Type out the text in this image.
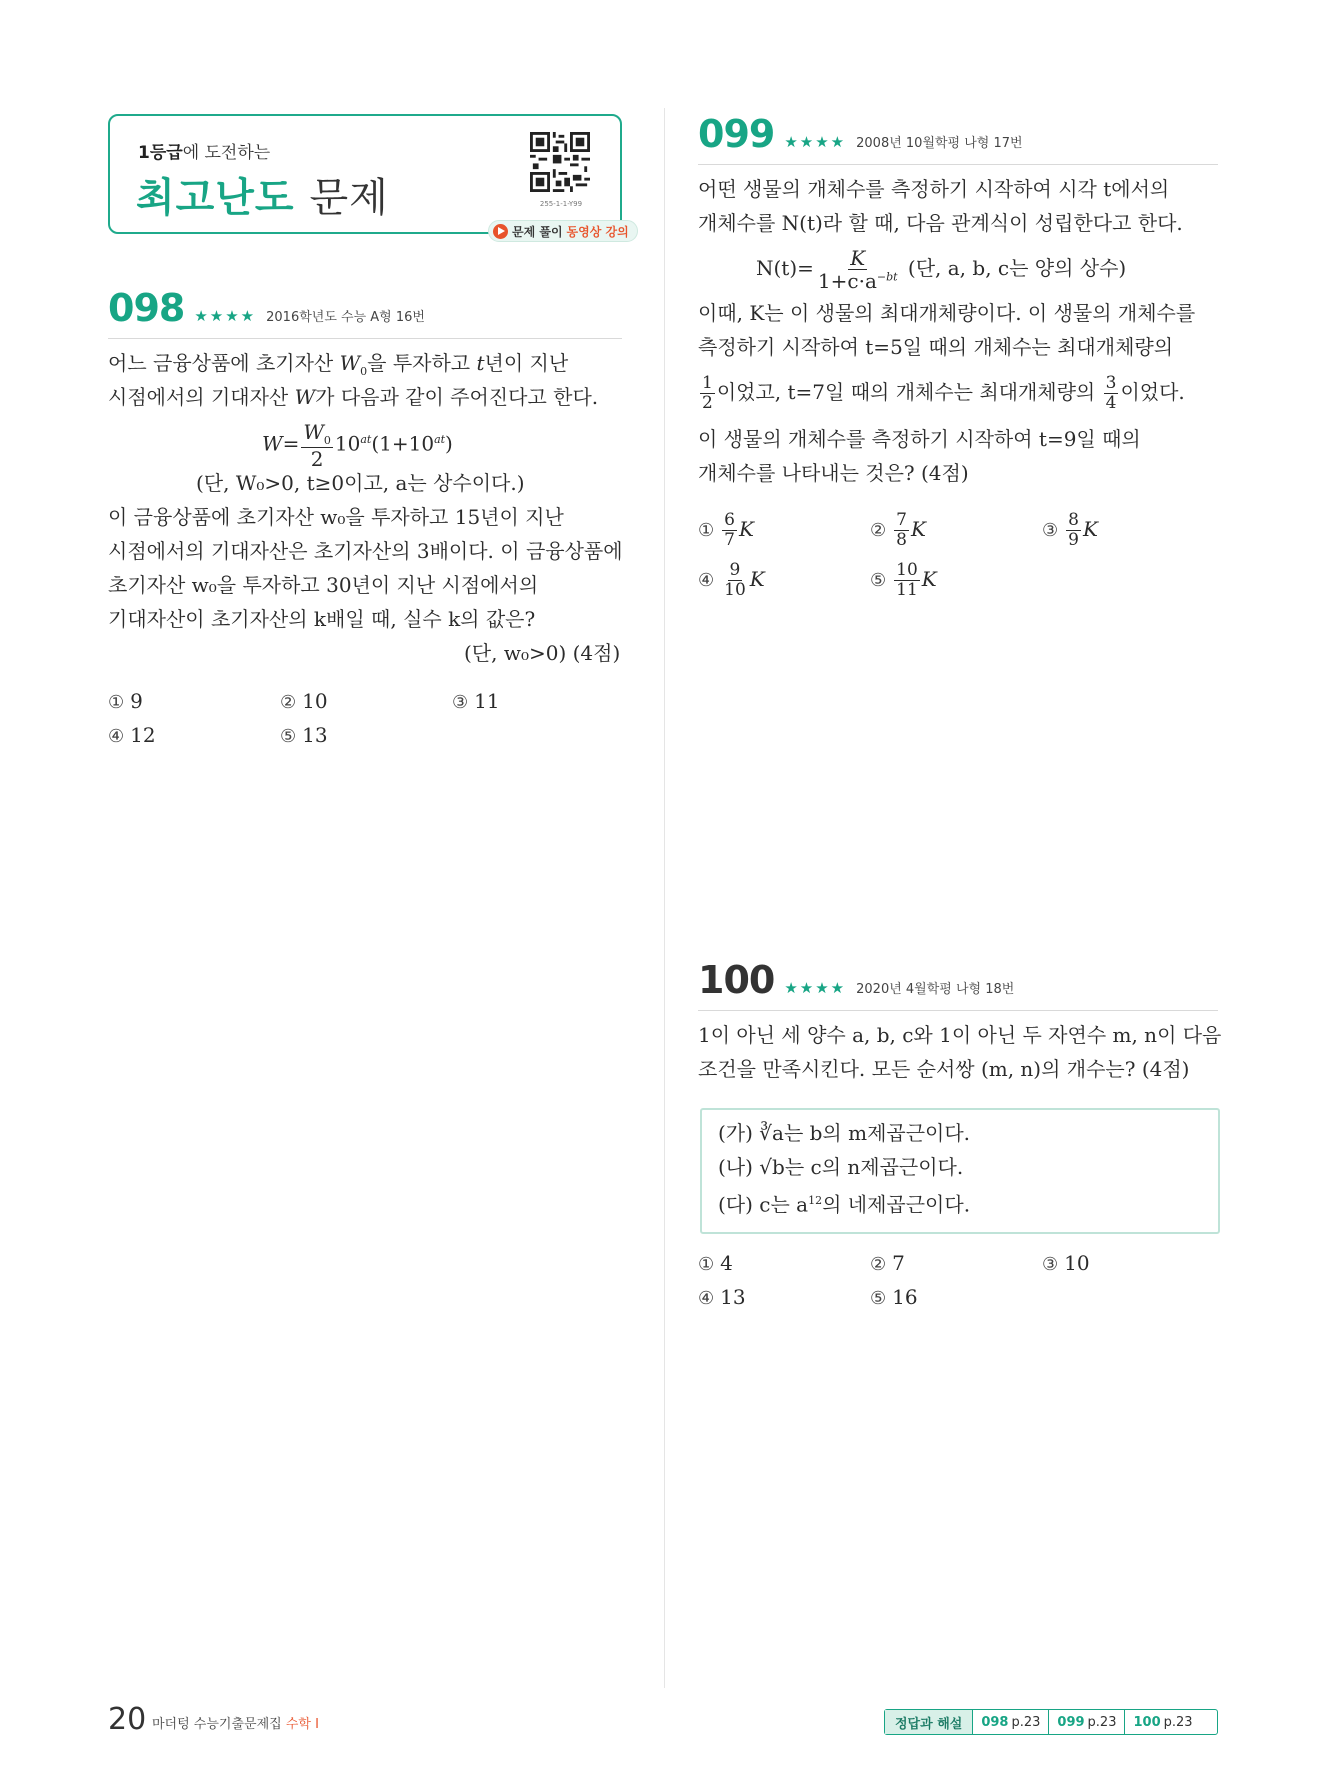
1등급에 도전하는
최고난도 문제	255-1-1-Y99
문제 풀이 동영상 강의
098 ★★★★ 2016학년도 수능 A형 16번
어느 금융상품에 초기자산 $W_0$을 투자하고 t년이 지난
시점에서의 기대자산 W가 다음과 같이 주어진다고 한다.
$W= \frac{W_0}{2} 10^{at}(1+10^{at})$
(단, W₀>0, t≥0이고, a는 상수이다.)
이 금융상품에 초기자산 w₀을 투자하고 15년이 지난
시점에서의 기대자산은 초기자산의 3배이다. 이 금융상품에
초기자산 w₀을 투자하고 30년이 지난 시점에서의
기대자산이 초기자산의 k배일 때, 실수 k의 값은?
(단, w₀>0) (4점)
① 9	② 10	③ 11
④ 12	⑤ 13
099 ★★★★ 2008년 10월학평 나형 17번
어떤 생물의 개체수를 측정하기 시작하여 시각 t에서의
개체수를 N(t)라 할 때, 다음 관계식이 성립한다고 한다.
$N(t)= \frac{K}{1+c\cdot a^{-bt}}$ (단, a, b, c는 양의 상수)
이때, K는 이 생물의 최대개체량이다. 이 생물의 개체수를
측정하기 시작하여 t=5일 때의 개체수는 최대개체량의
$\frac{1}{2}$ 이었고, t=7일 때의 개체수는 최대개체량의 $\frac{3}{4}$ 이었다.
이 생물의 개체수를 측정하기 시작하여 t=9일 때의
개체수를 나타내는 것은? (4점)
① $\frac{6}{7}$ K	② $\frac{7}{8}$ K	③ $\frac{8}{9}$ K
④ $\frac{9}{10}$ K	⑤ $\frac{10}{11}$ K
100 ★★★★ 2020년 4월학평 나형 18번
1이 아닌 세 양수 a, b, c와 1이 아닌 두 자연수 m, n이 다음
조건을 만족시킨다. 모든 순서쌍 (m, n)의 개수는? (4점)
(가) ∛a는 b의 m제곱근이다.
(나) √b는 c의 n제곱근이다.
(다) c는 $a^{12}$의 네제곱근이다.
① 4	② 7	③ 10
④ 13	⑤ 16
20 마더텅 수능기출문제집 수학 I	정답과 해설	098 p.23 099 p.23 100 p.23
